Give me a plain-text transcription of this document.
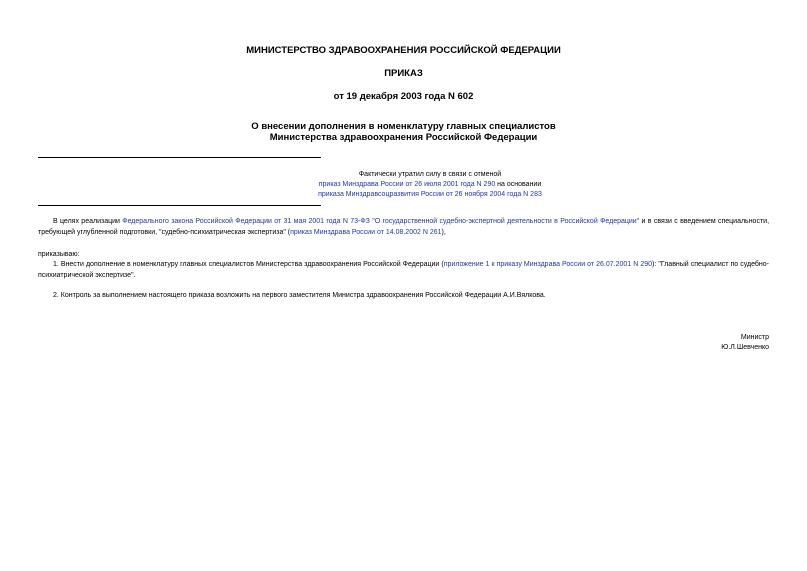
МИНИСТЕРСТВО ЗДРАВООХРАНЕНИЯ РОССИЙСКОЙ ФЕДЕРАЦИИ
ПРИКАЗ
от 19 декабря 2003 года N 602
О внесении дополнения в номенклатуру главных специалистов
Министерства здравоохранения Российской Федерации
Фактически утратил силу в связи с отменой
приказ Минздрава России от 26 июля 2001 года N 290 на основании
приказа Минздравсоцразвития России от 26 ноября 2004 года N 283
В целях реализации Федерального закона Российской Федерации от 31 мая 2001 года N 73-ФЗ "О государственной судебно-экспертной деятельности в Российской Федерации" и в связи с введением специальности, требующей углубленной подготовки, "судебно-психиатрическая экспертиза" (приказ Минздрава России от 14.08.2002 N 261),
приказываю:
1. Внести дополнение в номенклатуру главных специалистов Министерства здравоохранения Российской Федерации (приложение 1 к приказу Минздрава России от 26.07.2001 N 290): "Главный специалист по судебно-психиатрической экспертизе".
2. Контроль за выполнением настоящего приказа возложить на первого заместителя Министра здравоохранения Российской Федерации А.И.Вялкова.
Министр
Ю.Л.Шевченко
